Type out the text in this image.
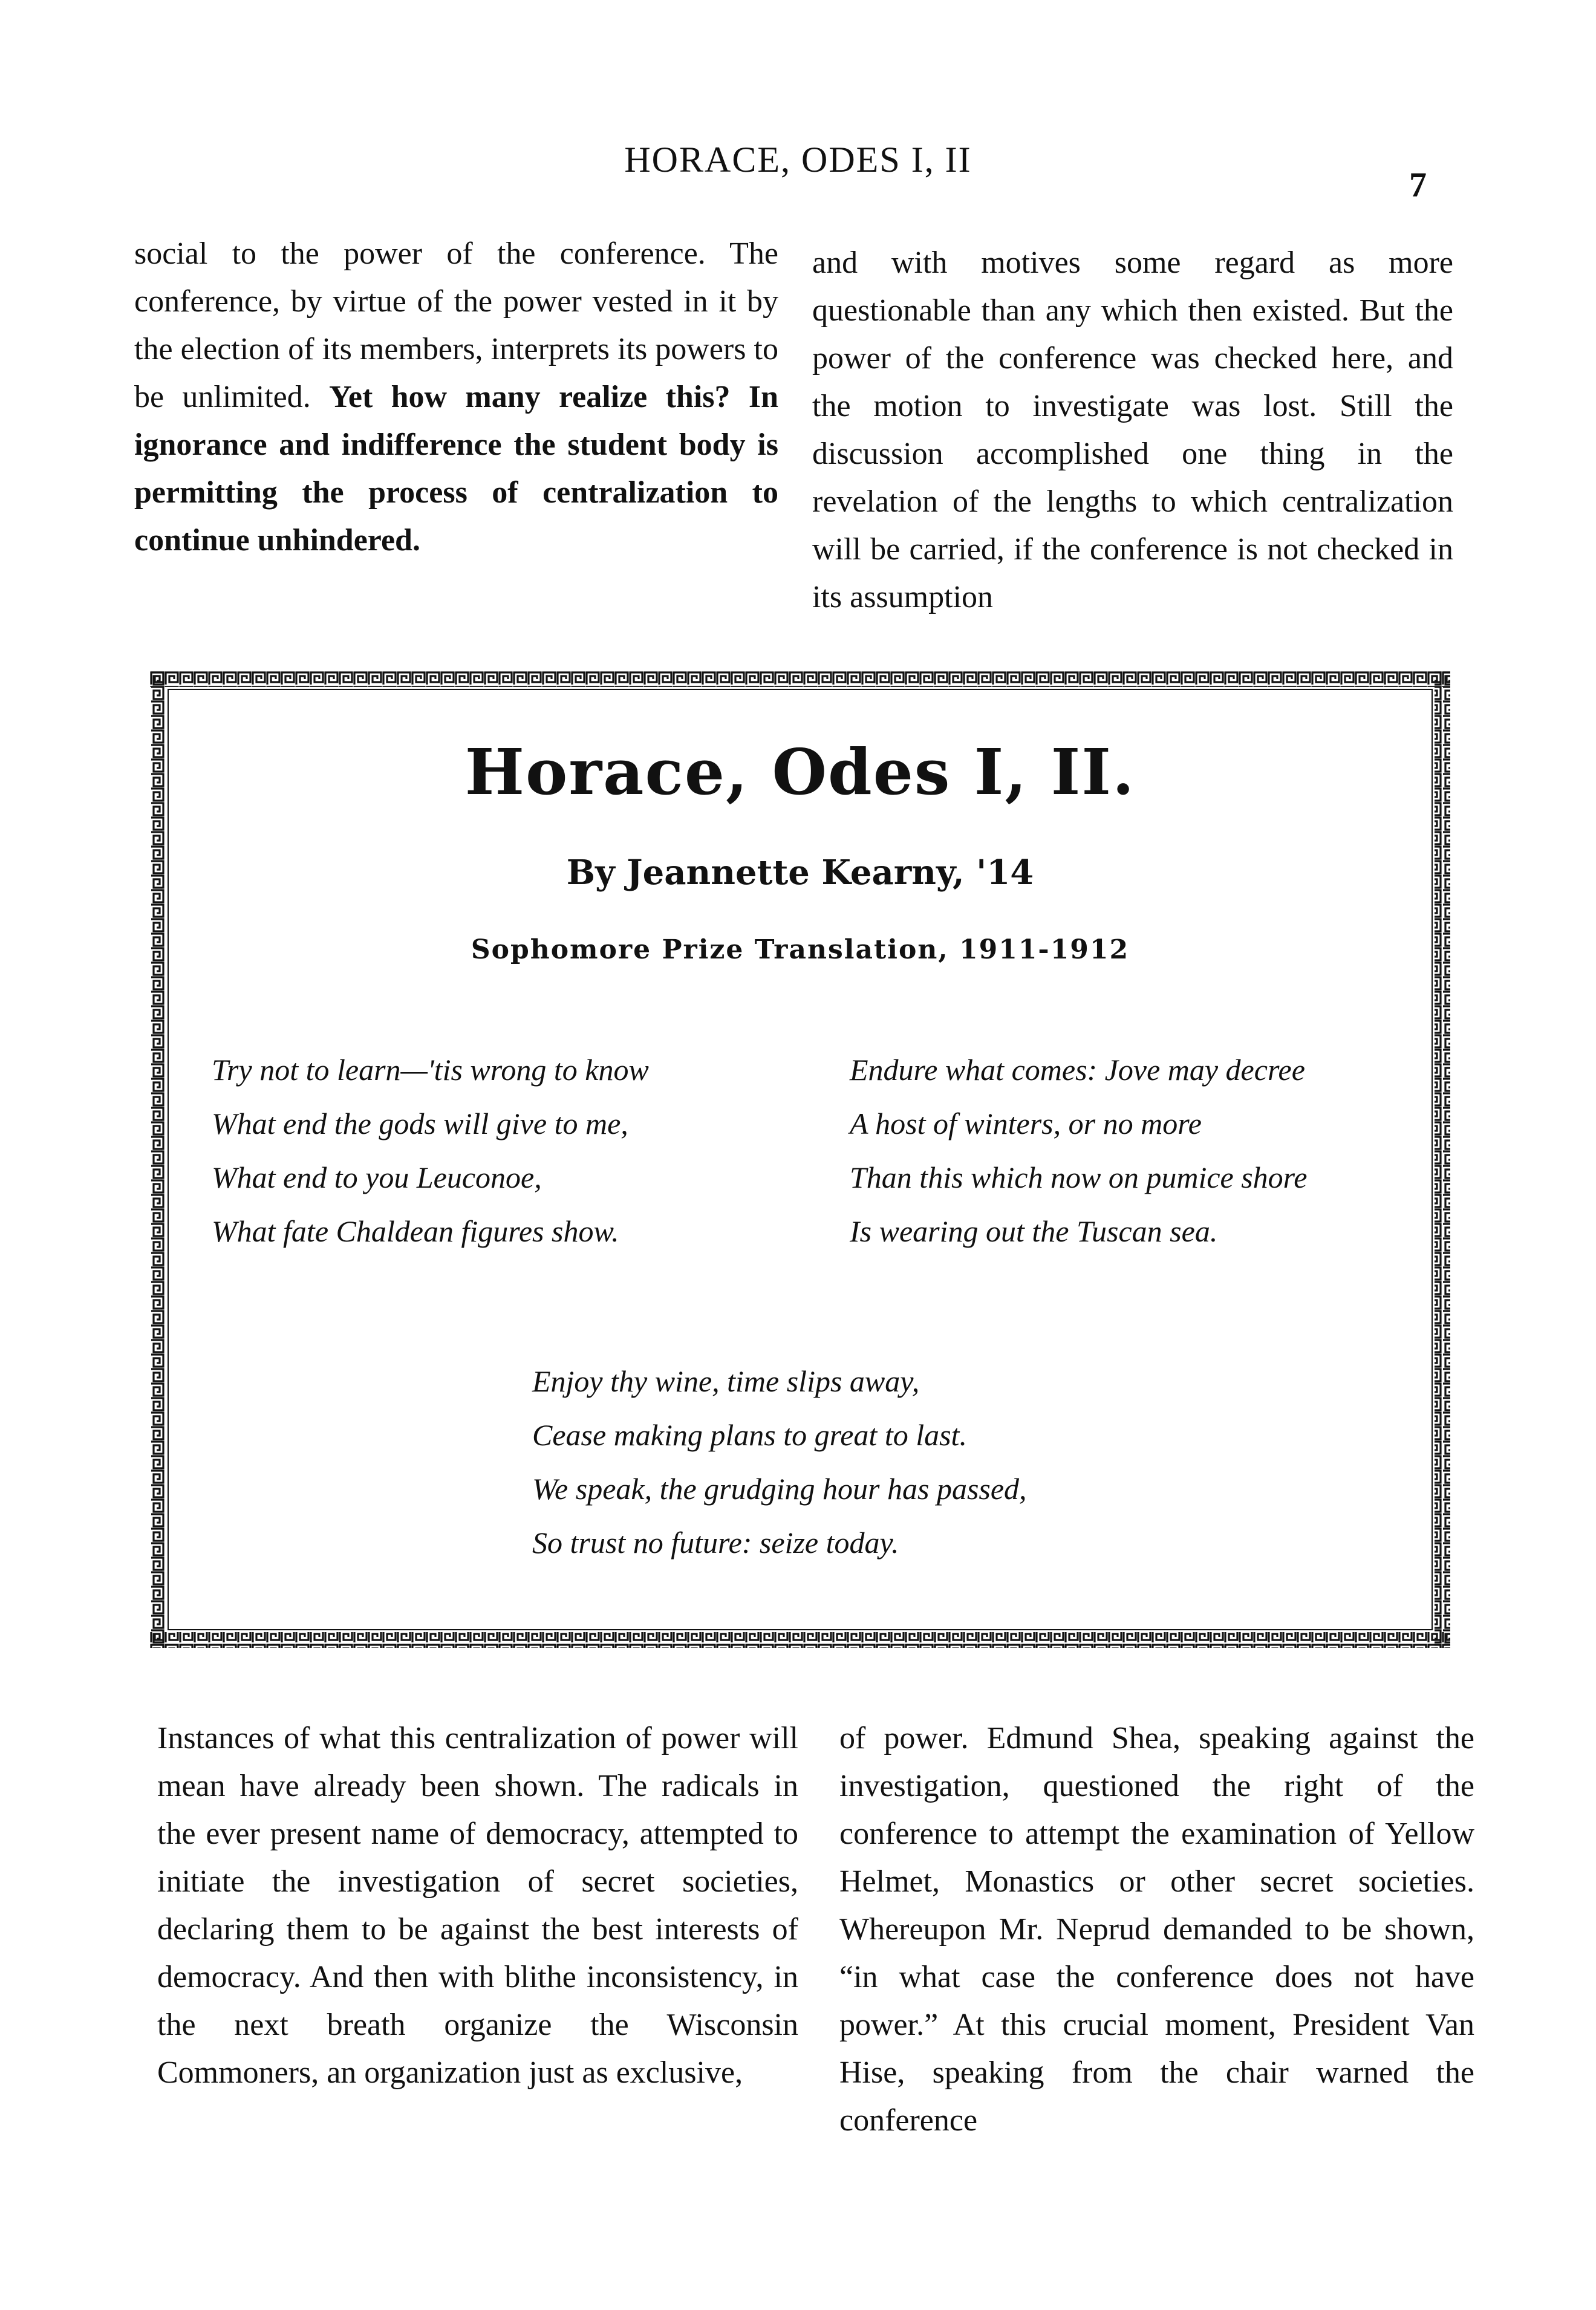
HORACE, ODES I, II
7

social to the power of the conference. The conference, by virtue of the power vested in it by the election of its members, interprets its powers to be unlimited. Yet how many realize this? In ignorance and indifference the student body is permitting the process of centralization to continue unhindered.

and with motives some regard as more questionable than any which then existed. But the power of the conference was checked here, and the motion to investigate was lost. Still the discussion accomplished one thing in the revelation of the lengths to which centralization will be carried, if the conference is not checked in its assumption

Horace, Odes I, II.
By Jeannette Kearny, '14
Sophomore Prize Translation, 1911-1912
Try not to learn—'tis wrong to know
What end the gods will give to me,
What end to you Leuconoe,
What fate Chaldean figures show.
Endure what comes: Jove may decree
A host of winters, or no more
Than this which now on pumice shore
Is wearing out the Tuscan sea.
Enjoy thy wine, time slips away,
Cease making plans to great to last.
We speak, the grudging hour has passed,
So trust no future: seize today.

Instances of what this centralization of power will mean have already been shown. The radicals in the ever present name of democracy, attempted to initiate the investigation of secret societies, declaring them to be against the best interests of democracy. And then with blithe inconsistency, in the next breath organize the Wisconsin Commoners, an organization just as exclusive,

of power. Edmund Shea, speaking against the investigation, questioned the right of the conference to attempt the examination of Yellow Helmet, Monastics or other secret societies. Whereupon Mr. Neprud demanded to be shown, “in what case the conference does not have power.” At this crucial moment, President Van Hise, speaking from the chair warned the conference
